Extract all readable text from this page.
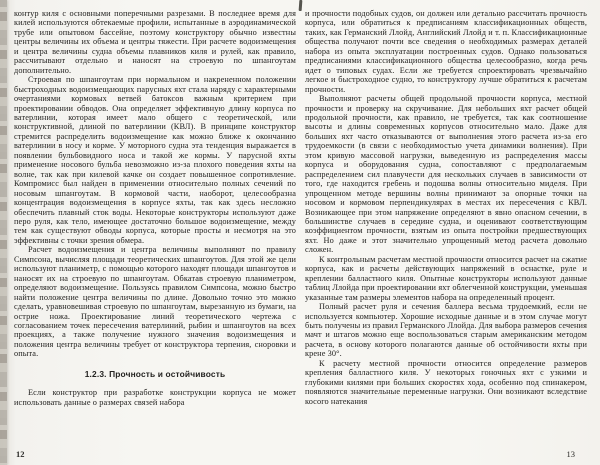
контур киля с основными поперечными разрезами. В последнее время для килей используются обтекаемые профили, испытанные в аэродинамической трубе или опытовом бассейне, поэтому конструктору обычно известны центры величины их объема и центры тяжести. При расчете водоизмещения и центра величины судна объемы плавников киля и рулей, как правило, рассчитывают отдельно и наносят на строевую по шпангоутам дополнительно.

Строевая по шпангоутам при нормальном и накрененном положении быстроходных водоизмещающих парусных яхт стала наряду с характерными очертаниями кормовых ветвей батоксов важным критерием при проектировании обводов. Она определяет эффективную длину корпуса по ватерлинии, которая имеет мало общего с теоретической, или конструктивной, длиной по ватерлинии (КВЛ). В принципе конструктор стремится распределить водоизмещение как можно ближе к окончанию ватерлинии в носу и корме. У моторного судна эта тенденция выражается в появлении бульбовидного носа и такой же кормы. У парусной яхты применение носового бульба невозможно из-за плохого поведения яхты на волне, так как при килевой качке он создает повышенное сопротивление. Компромисс был найден в применении относительно полных сечений по носовым шпангоутам. В кормовой части, наоборот, целесообразна концентрация водоизмещения в корпусе яхты, так как здесь несложно обеспечить плавный сток воды. Некоторые конструкторы используют даже перо руля, как тело, имеющее достаточно большое водоизмещение, между тем как существуют обводы корпуса, которые просты и несмотря на это эффективны с точки зрения обмера.

Расчет водоизмещения и центра величины выполняют по правилу Симпсона, вычисляя площади теоретических шпангоутов. Для этой же цели используют планиметр, с помощью которого находят площади шпангоутов и наносят их на строевую по шпангоутам. Обкатав строевую планиметром, определяют водоизмещение. Пользуясь правилом Симпсона, можно быстро найти положение центра величины по длине. Довольно точно это можно сделать, уравновешивая строевую по шпангоутам, вырезанную из бумаги, на острие ножа. Проектирование линий теоретического чертежа с согласованием точек пересечения ватерлиний, рыбин и шпангоутов на всех проекциях, а также получение нужного значения водоизмещения и положения центра величины требует от конструктора терпения, сноровки и опыта.

1.2.3. Прочность и остойчивость

Если конструктор при разработке конструкции корпуса не может использовать данные о размерах связей набора

12

и прочности подобных судов, он должен или детально рассчитать прочность корпуса, или обратиться к предписаниям классификационных обществ, таких, как Германский Ллойд, Английский Ллойд и т. п. Классификационные общества получают почти все сведения о необходимых размерах деталей набора из опыта эксплуатации построенных судов. Однако пользоваться предписаниями классификационного общества целесообразно, когда речь идет о типовых судах. Если же требуется спроектировать чрезвычайно легкое и быстроходное судно, то конструктору лучше обратиться к расчетам прочности.

Выполняют расчеты общей продольной прочности корпуса, местной прочности и проверку на скручивание. Для небольших яхт расчет общей продольной прочности, как правило, не требуется, так как соотношение высоты и длины современных корпусов относительно мало. Даже для больших яхт часто отказываются от выполнения этого расчета из-за его трудоемкости (в связи с необходимостью учета динамики волнения). При этом кривую массовой нагрузки, выведенную из распределения массы корпуса и оборудования судна, сопоставляют с предполагаемым распределением сил плавучести для нескольких случаев в зависимости от того, где находится гребень и подошва волны относительно миделя. При упрощенном методе вершины волны принимают за опорные точки на носовом и кормовом перпендикулярах в местах их пересечения с КВЛ. Возникающее при этом напряжение определяют в явно опасном сечении, в большинстве случаев в середине судна, и оценивают соответствующим коэффициентом прочности, взятым из опыта постройки предшествующих яхт. Но даже и этот значительно упрощенный метод расчета довольно сложен.

К контрольным расчетам местной прочности относится расчет на сжатие корпуса, как и расчеты действующих напряжений в оснастке, руле и креплении балластного киля. Опытные конструкторы используют данные таблиц Ллойда при проектировании яхт облегченной конструкции, уменьшая указанные там размеры элементов набора на определенный процент.

Полный расчет руля и сечения баллера весьма трудоемкий, если не используется компьютер. Хорошие исходные данные и в этом случае могут быть получены из правил Германского Ллойда. Для выбора размеров сечения мачт и штагов можно еще воспользоваться старым американским методом расчета, в основу которого полагаются данные об остойчивости яхты при крене 30°.

К расчету местной прочности относится определение размеров крепления балластного киля. У некоторых гоночных яхт с узкими и глубокими килями при больших скоростях хода, особенно под спинакером, появляются значительные переменные нагрузки. Они возникают вследствие косого натекания

13
